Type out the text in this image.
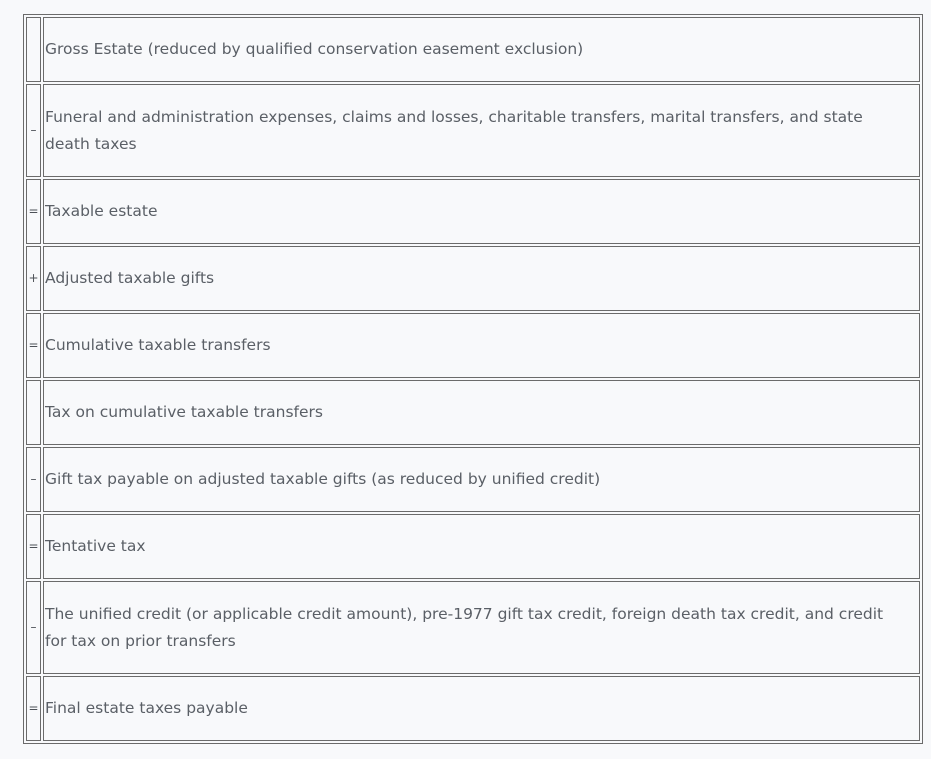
	Gross Estate (reduced by qualified conservation easement exclusion)
–	Funeral and administration expenses, claims and losses, charitable transfers, marital transfers, and state death taxes
=	Taxable estate
+	Adjusted taxable gifts
=	Cumulative taxable transfers
	Tax on cumulative taxable transfers
–	Gift tax payable on adjusted taxable gifts (as reduced by unified credit)
=	Tentative tax
–	The unified credit (or applicable credit amount), pre-1977 gift tax credit, foreign death tax credit, and credit for tax on prior transfers
=	Final estate taxes payable
